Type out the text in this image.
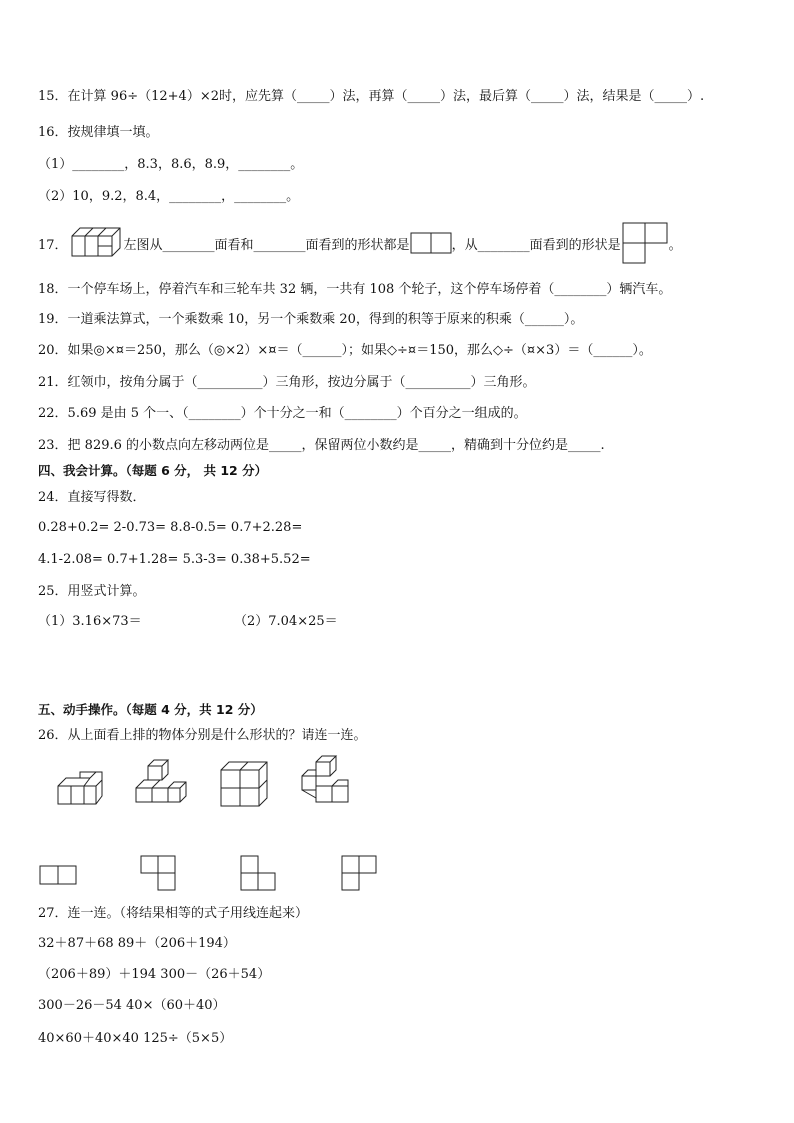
15．在计算 96÷（12+4）×2时，应先算（_____）法，再算（_____）法，最后算（_____）法，结果是（_____）.
16．按规律填一填。
（1）________，8.3，8.6，8.9，________。
（2）10，9.2，8.4，________，________。
17．	左图从________面看和________面看到的形状都是	，从________面看到的形状是	。
18．一个停车场上，停着汽车和三轮车共 32 辆，一共有 108 个轮子，这个停车场停着（________）辆汽车。
19．一道乘法算式，一个乘数乘 10，另一个乘数乘 20，得到的积等于原来的积乘（______）。
20．如果◎×¤＝250，那么（◎×2）×¤＝（______）；如果◇÷¤＝150，那么◇÷（¤×3）＝（______）。
21．红领巾，按角分属于（__________）三角形，按边分属于（__________）三角形。
22．5.69 是由 5 个一、（________）个十分之一和（________）个百分之一组成的。
23．把 829.6 的小数点向左移动两位是_____，保留两位小数约是_____，精确到十分位约是_____.
四、我会计算。（每题 6 分， 共 12 分）
24．直接写得数．
0.28+0.2= 2-0.73= 8.8-0.5= 0.7+2.28=
4.1-2.08= 0.7+1.28= 5.3-3= 0.38+5.52=
25．用竖式计算。
（1）3.16×73＝	（2）7.04×25＝
五、动手操作。（每题 4 分，共 12 分）
26．从上面看上排的物体分别是什么形状的？请连一连。
27．连一连。（将结果相等的式子用线连起来）
32＋87＋68 89＋（206＋194）
（206＋89）＋194 300－（26＋54）
300－26－54 40×（60＋40）
40×60＋40×40 125÷（5×5）
